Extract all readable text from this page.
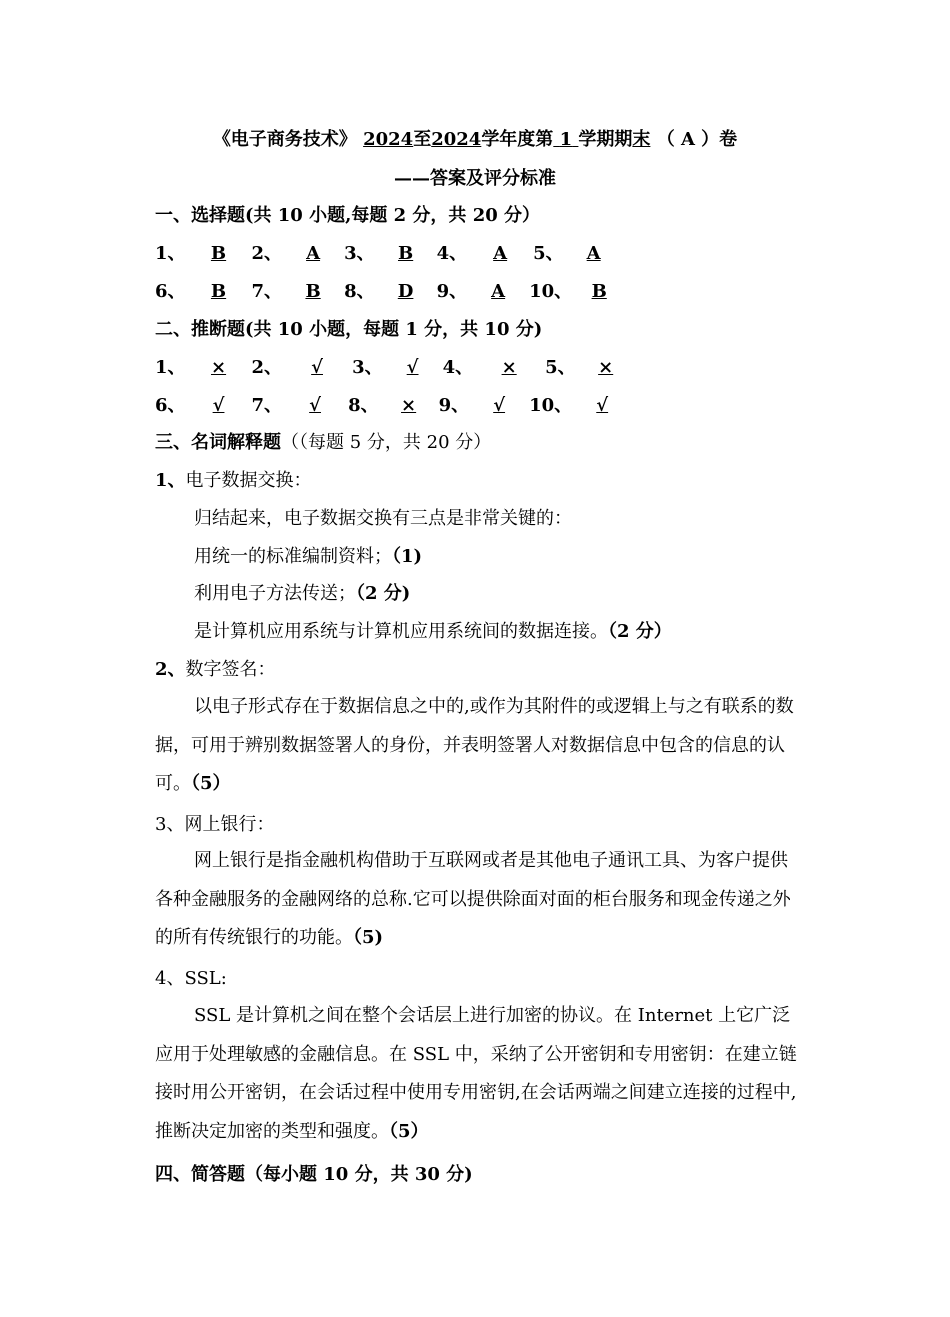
《电子商务技术》 2024至2024学年度第 1 学期期末 （ A ）卷
——答案及评分标准
一、选择题(共 10 小题,每题 2 分，共 20 分）
1、 B 2、 A 3、 B 4、 A 5、 A
6、 B 7、 B 8、 D 9、 A 10、 B
二、推断题(共 10 小题，每题 1 分，共 10 分)
1、 × 2、 √ 3、 √ 4、 × 5、 ×
6、 √ 7、 √ 8、 × 9、 √ 10、 √
三、名词解释题（（每题 5 分，共 20 分）
1、电子数据交换：
归结起来，电子数据交换有三点是非常关键的：
用统一的标准编制资料；（1)
利用电子方法传送；（2 分)
是计算机应用系统与计算机应用系统间的数据连接。（2 分）
2、数字签名：
以电子形式存在于数据信息之中的,或作为其附件的或逻辑上与之有联系的数据，可用于辨别数据签署人的身份，并表明签署人对数据信息中包含的信息的认可。（5）
3、网上银行：
网上银行是指金融机构借助于互联网或者是其他电子通讯工具、为客户提供各种金融服务的金融网络的总称.它可以提供除面对面的柜台服务和现金传递之外的所有传统银行的功能。（5)
4、SSL:
SSL 是计算机之间在整个会话层上进行加密的协议。在 Internet 上它广泛应用于处理敏感的金融信息。在 SSL 中，采纳了公开密钥和专用密钥：在建立链接时用公开密钥，在会话过程中使用专用密钥,在会话两端之间建立连接的过程中,推断决定加密的类型和强度。（5）
四、简答题（每小题 10 分，共 30 分)
